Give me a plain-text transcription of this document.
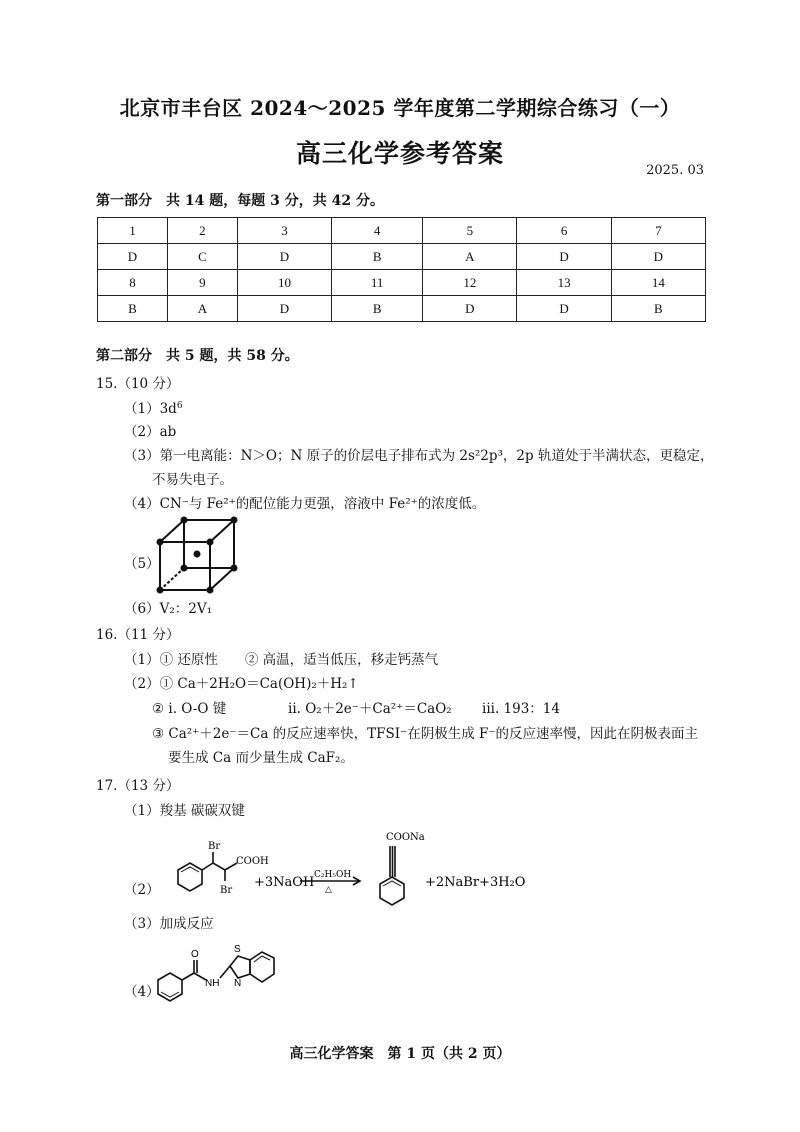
北京市丰台区 2024～2025 学年度第二学期综合练习（一）
高三化学参考答案
2025. 03
第一部分　共 14 题，每题 3 分，共 42 分。
1	2	3	4	5	6	7
D	C	D	B	A	D	D
8	9	10	11	12	13	14
B	A	D	B	D	D	B
第二部分　共 5 题，共 58 分。
15.（10 分）
$(1)3d^6$
（2）ab
（3）第一电离能：N＞O；N 原子的价层电子排布式为 2s²2p³，2p 轨道处于半满状态，更稳定，
不易失电子。
（4）CN⁻与 Fe²⁺的配位能力更强，溶液中 Fe²⁺的浓度低。
（5）
（6）V₂：2V₁
16.（11 分）
（1）① 还原性　　② 高温，适当低压，移走钙蒸气
（2）① Ca＋2H₂O＝Ca(OH)₂＋H₂↑
② i. O-O 键	ii. O₂＋2e⁻＋Ca²⁺＝CaO₂ iii. 193：14
③ Ca²⁺＋2e⁻＝Ca 的反应速率快，TFSI⁻在阴极生成 F⁻的反应速率慢，因此在阴极表面主
要生成 Ca 而少量生成 CaF₂。
17.（13 分）
（1）羧基 碳碳双键
（2）
Br
Br
COOH
+3NaOH C₂H₅OH
△
COONa
+2NaBr+3H₂O
（3）加成反应
（4）
O
NH
S
N
高三化学答案　第 1 页（共 2 页）
